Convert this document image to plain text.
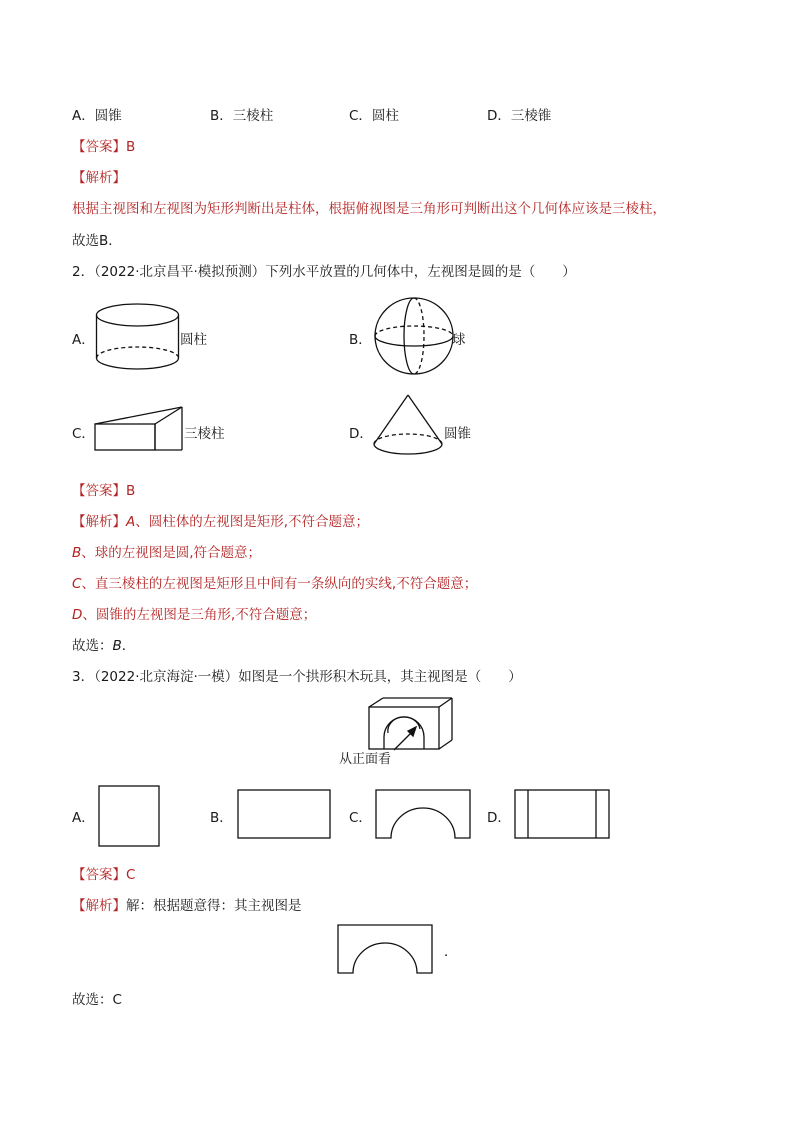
A．圆锥	B．三棱柱	C．圆柱	D．三棱锥
【答案】B
【解析】
根据主视图和左视图为矩形判断出是柱体，根据俯视图是三角形可判断出这个几何体应该是三棱柱，
故选B．
2．（2022·北京昌平·模拟预测）下列水平放置的几何体中，左视图是圆的是（　　）
A．	圆柱	B．	球
C．	三棱柱	D．	圆锥
【答案】B
【解析】A、圆柱体的左视图是矩形,不符合题意；
B、球的左视图是圆,符合题意；
C、直三棱柱的左视图是矩形且中间有一条纵向的实线,不符合题意；
D、圆锥的左视图是三角形,不符合题意；
故选：B．
3．（2022·北京海淀·一模）如图是一个拱形积木玩具，其主视图是（　　）
从正面看
A．	B．	C．	D．
【答案】C
【解析】解：根据题意得：其主视图是
．
故选：C
